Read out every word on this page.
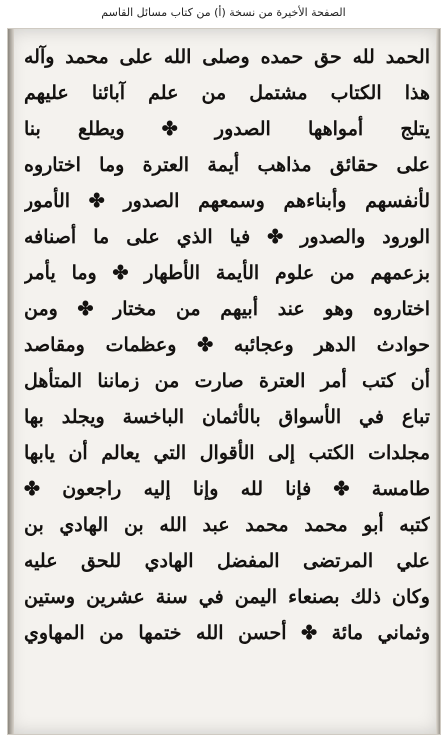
الصفحة الأخيرة من نسخة (أ) من كتاب مسائل القاسم
الحمد لله حق حمده وصلى الله على محمد وآله
هذا الكتاب مشتمل من علم آبائنا عليهم
يتلج أمواهها الصدور ✤ ويطلع بنا
على حقائق مذاهب أيمة العترة وما اختاروه
لأنفسهم وأبناءهم وسمعهم الصدور ✤ الأمور
الورود والصدور ✤ فيا الذي على ما أصنافه
بزعمهم من علوم الأيمة الأطهار ✤ وما يأمر
اختاروه وهو عند أبيهم من مختار ✤ ومن
حوادث الدهر وعجائبه ✤ وعظمات ومقاصد
أن كتب أمر العترة صارت من زماننا المتأهل
تباع في الأسواق بالأثمان الباخسة ويجلد بها
مجلدات الكتب إلى الأقوال التي يعالم أن يابها
طامسة ✤ فإنا لله وإنا إليه راجعون ✤
كتبه أبو محمد محمد عبد الله بن الهادي بن
علي المرتضى المفضل الهادي للحق عليه
وكان ذلك بصنعاء اليمن في سنة عشرين وستين
وثماني مائة ✤ أحسن الله ختمها من المهاوي
